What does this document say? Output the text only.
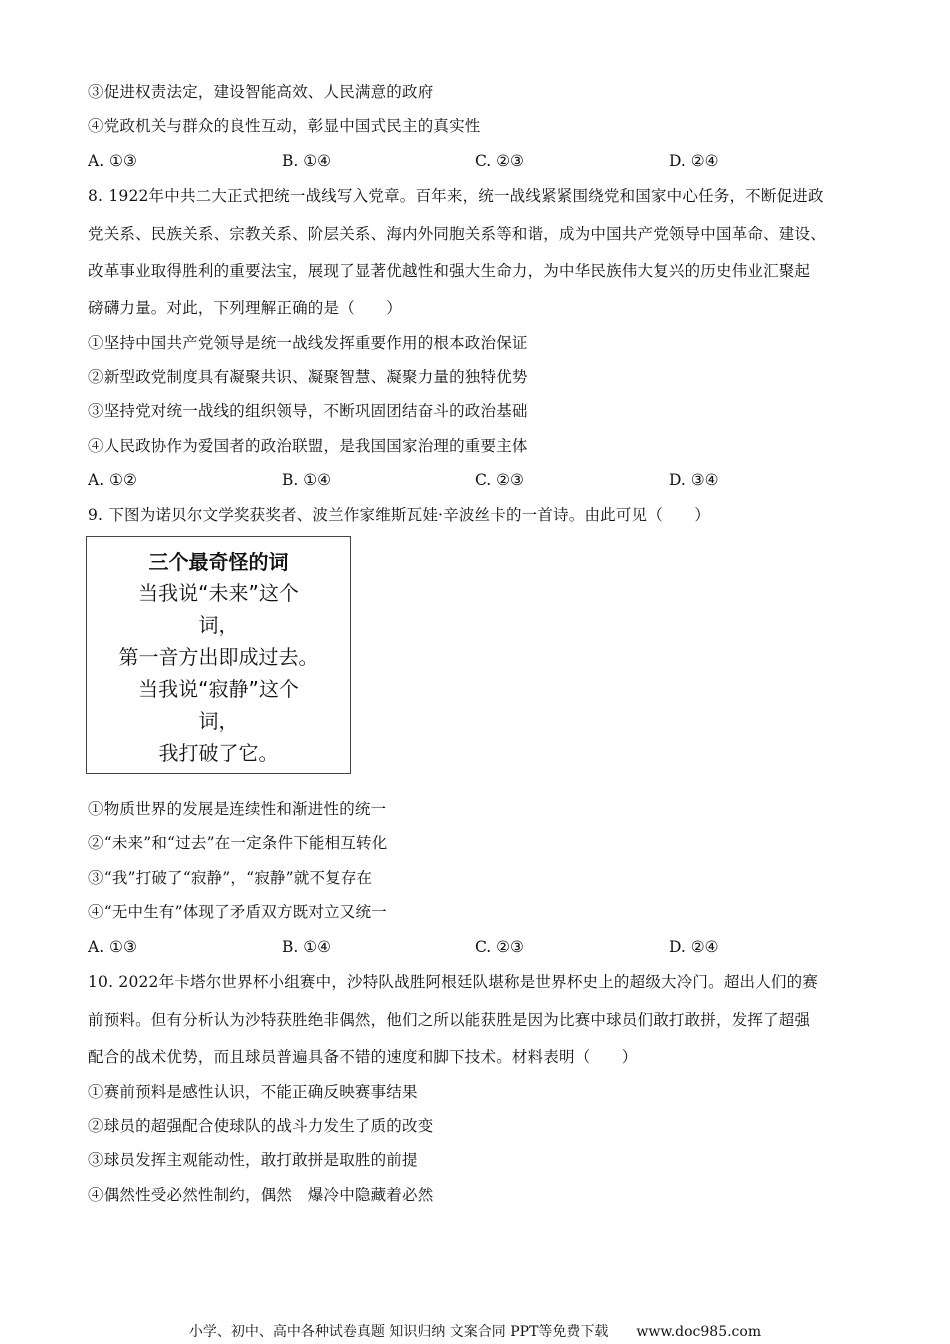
③促进权责法定，建设智能高效、人民满意的政府
④党政机关与群众的良性互动，彰显中国式民主的真实性
A. ①③	B. ①④	C. ②③	D. ②④
8. 1922年中共二大正式把统一战线写入党章。百年来，统一战线紧紧围绕党和国家中心任务，不断促进政
党关系、民族关系、宗教关系、阶层关系、海内外同胞关系等和谐，成为中国共产党领导中国革命、建设、
改革事业取得胜利的重要法宝，展现了显著优越性和强大生命力，为中华民族伟大复兴的历史伟业汇聚起
磅礴力量。对此，下列理解正确的是（　　）
①坚持中国共产党领导是统一战线发挥重要作用的根本政治保证
②新型政党制度具有凝聚共识、凝聚智慧、凝聚力量的独特优势
③坚持党对统一战线的组织领导，不断巩固团结奋斗的政治基础
④人民政协作为爱国者的政治联盟，是我国国家治理的重要主体
A. ①②	B. ①④	C. ②③	D. ③④
9. 下图为诺贝尔文学奖获奖者、波兰作家维斯瓦娃·辛波丝卡的一首诗。由此可见（　　）
三个最奇怪的词
当我说“未来”这个
词，
第一音方出即成过去。
当我说“寂静”这个
词，
我打破了它。
①物质世界的发展是连续性和渐进性的统一
②“未来”和“过去”在一定条件下能相互转化
③“我”打破了“寂静”，“寂静”就不复存在
④“无中生有”体现了矛盾双方既对立又统一
A. ①③	B. ①④	C. ②③	D. ②④
10. 2022年卡塔尔世界杯小组赛中，沙特队战胜阿根廷队堪称是世界杯史上的超级大冷门。超出人们的赛
前预料。但有分析认为沙特获胜绝非偶然，他们之所以能获胜是因为比赛中球员们敢打敢拼，发挥了超强
配合的战术优势，而且球员普遍具备不错的速度和脚下技术。材料表明（　　）
①赛前预料是感性认识，不能正确反映赛事结果
②球员的超强配合使球队的战斗力发生了质的改变
③球员发挥主观能动性，敢打敢拼是取胜的前提
④偶然性受必然性制约，偶然　爆冷中隐藏着必然
小学、初中、高中各种试卷真题 知识归纳 文案合同 PPT等免费下载　　www.doc985.com
